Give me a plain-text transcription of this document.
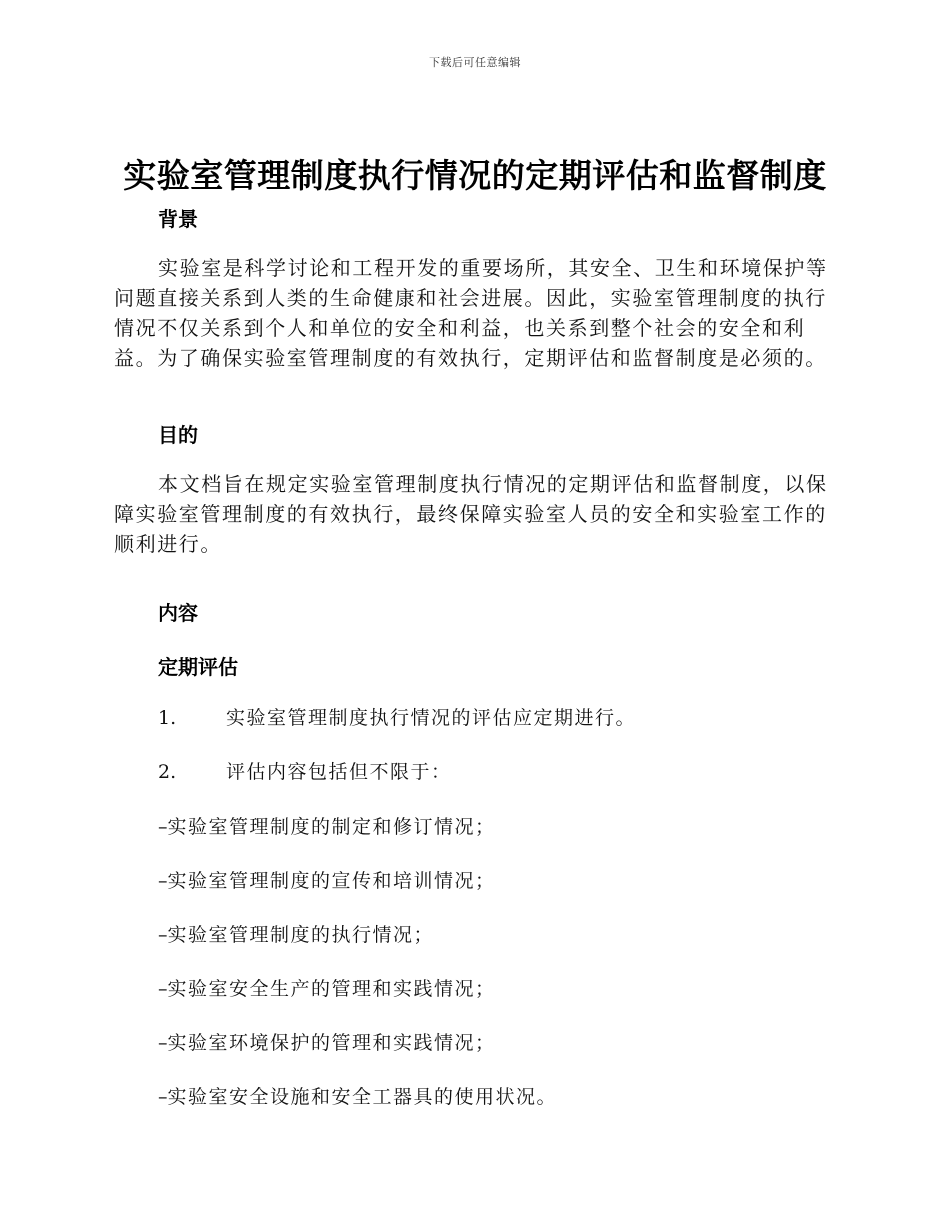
下载后可任意编辑
实验室管理制度执行情况的定期评估和监督制度
背景

实验室是科学讨论和工程开发的重要场所，其安全、卫生和环境保护等问题直接关系到人类的生命健康和社会进展。因此，实验室管理制度的执行情况不仅关系到个人和单位的安全和利益，也关系到整个社会的安全和利益。为了确保实验室管理制度的有效执行，定期评估和监督制度是必须的。

目的

本文档旨在规定实验室管理制度执行情况的定期评估和监督制度，以保障实验室管理制度的有效执行，最终保障实验室人员的安全和实验室工作的顺利进行。

内容
定期评估

1.	实验室管理制度执行情况的评估应定期进行。

2.	评估内容包括但不限于：

–实验室管理制度的制定和修订情况；

–实验室管理制度的宣传和培训情况；

–实验室管理制度的执行情况；

–实验室安全生产的管理和实践情况；

–实验室环境保护的管理和实践情况；

–实验室安全设施和安全工器具的使用状况。
